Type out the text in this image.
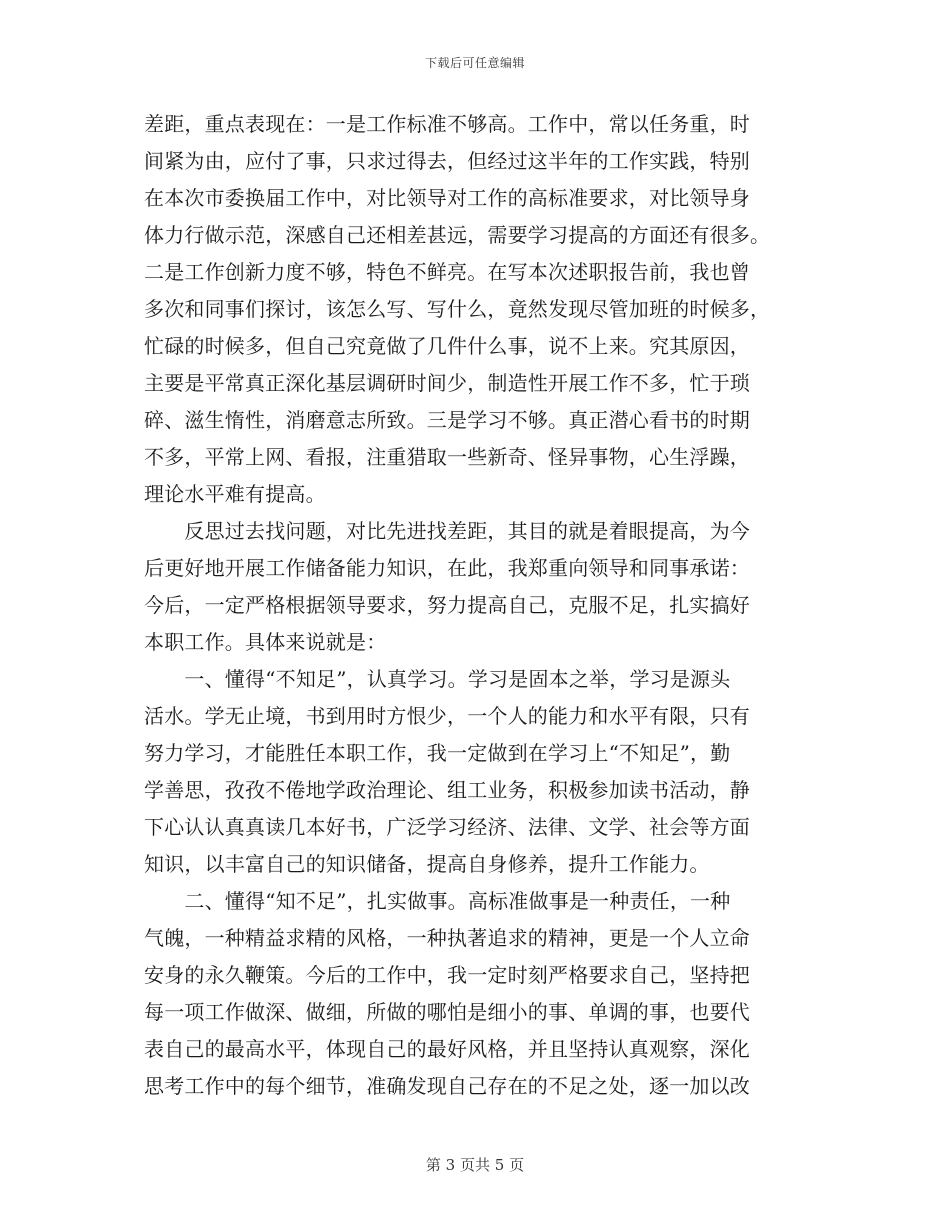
下载后可任意编辑
差距，重点表现在：一是工作标准不够高。工作中，常以任务重，时
间紧为由，应付了事，只求过得去，但经过这半年的工作实践，特别
在本次市委换届工作中，对比领导对工作的高标准要求，对比领导身
体力行做示范，深感自己还相差甚远，需要学习提高的方面还有很多。
二是工作创新力度不够，特色不鲜亮。在写本次述职报告前，我也曾
多次和同事们探讨，该怎么写、写什么，竟然发现尽管加班的时候多，
忙碌的时候多，但自己究竟做了几件什么事，说不上来。究其原因，
主要是平常真正深化基层调研时间少，制造性开展工作不多，忙于琐
碎、滋生惰性，消磨意志所致。三是学习不够。真正潜心看书的时期
不多，平常上网、看报，注重猎取一些新奇、怪异事物，心生浮躁，
理论水平难有提高。
　　反思过去找问题，对比先进找差距，其目的就是着眼提高，为今
后更好地开展工作储备能力知识，在此，我郑重向领导和同事承诺：
今后，一定严格根据领导要求，努力提高自己，克服不足，扎实搞好
本职工作。具体来说就是：
　　一、懂得“不知足”，认真学习。学习是固本之举，学习是源头
活水。学无止境，书到用时方恨少，一个人的能力和水平有限，只有
努力学习，才能胜任本职工作，我一定做到在学习上“不知足”，勤
学善思，孜孜不倦地学政治理论、组工业务，积极参加读书活动，静
下心认认真真读几本好书，广泛学习经济、法律、文学、社会等方面
知识，以丰富自己的知识储备，提高自身修养，提升工作能力。
　　二、懂得“知不足”，扎实做事。高标准做事是一种责任，一种
气魄，一种精益求精的风格，一种执著追求的精神，更是一个人立命
安身的永久鞭策。今后的工作中，我一定时刻严格要求自己，坚持把
每一项工作做深、做细，所做的哪怕是细小的事、单调的事，也要代
表自己的最高水平，体现自己的最好风格，并且坚持认真观察，深化
思考工作中的每个细节，准确发现自己存在的不足之处，逐一加以改
第 3 页共 5 页
